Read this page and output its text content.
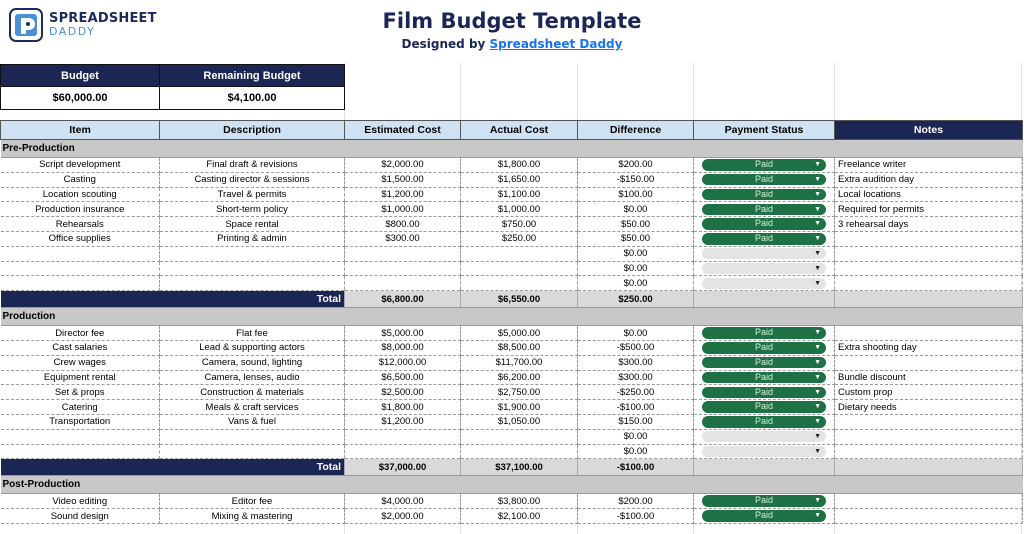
SPREADSHEET
DADDY	Film Budget Template
Designed by Spreadsheet Daddy
Budget	Remaining Budget
$60,000.00	$4,100.00
Item	Description	Estimated Cost	Actual Cost	Difference	Payment Status	Notes
Pre-Production						
Script development	Final draft & revisions	$2,000.00	$1,800.00	$200.00	Paid ▼	Freelance writer
Casting	Casting director & sessions	$1,500.00	$1,650.00	-$150.00	Paid ▼	Extra audition day
Location scouting	Travel & permits	$1,200.00	$1,100.00	$100.00	Paid ▼	Local locations
Production insurance	Short-term policy	$1,000.00	$1,000.00	$0.00	Paid ▼	Required for permits
Rehearsals	Space rental	$800.00	$750.00	$50.00	Paid ▼	3 rehearsal days
Office supplies	Printing & admin	$300.00	$250.00	$50.00	Paid ▼	

				$0.00	▼	

				$0.00	▼	

				$0.00	▼	

Total		$6,800.00	$6,550.00	$250.00		
Production						
Director fee	Flat fee	$5,000.00	$5,000.00	$0.00	Paid ▼	

Cast salaries	Lead & supporting actors	$8,000.00	$8,500.00	-$500.00	Paid ▼	Extra shooting day
Crew wages	Camera, sound, lighting	$12,000.00	$11,700.00	$300.00	Paid ▼	

Equipment rental	Camera, lenses, audio	$6,500.00	$6,200.00	$300.00	Paid ▼	Bundle discount
Set & props	Construction & materials	$2,500.00	$2,750.00	-$250.00	Paid ▼	Custom prop
Catering	Meals & craft services	$1,800.00	$1,900.00	-$100.00	Paid ▼	Dietary needs
Transportation	Vans & fuel	$1,200.00	$1,050.00	$150.00	Paid ▼	

				$0.00	▼	

				$0.00	▼	

Total		$37,000.00	$37,100.00	-$100.00		
Post-Production						
Video editing	Editor fee	$4,000.00	$3,800.00	$200.00	Paid ▼	

Sound design	Mixing & mastering	$2,000.00	$2,100.00	-$100.00	Paid ▼	
